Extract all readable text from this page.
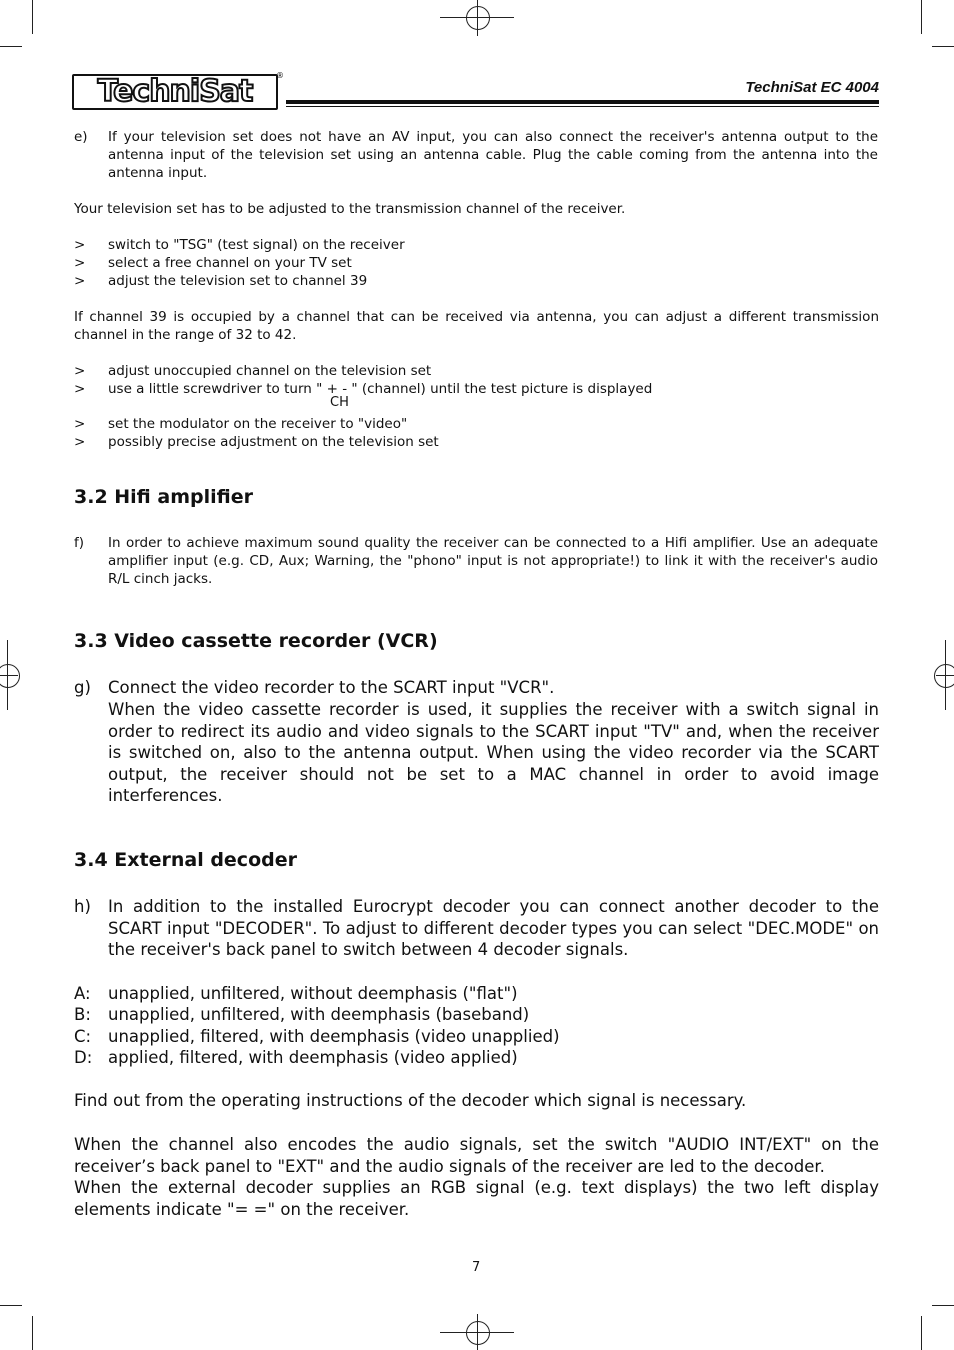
TechniSat	®
TechniSat EC 4004
e) If your television set does not have an AV input, you can also connect the receiver's antenna output to the antenna input of the television set using an antenna cable. Plug the cable coming from the antenna into the antenna input.
Your television set has to be adjusted to the transmission channel of the receiver.
> switch to "TSG" (test signal) on the receiver
> select a free channel on your TV set
> adjust the television set to channel 39
If channel 39 is occupied by a channel that can be received via antenna, you can adjust a different transmission channel in the range of 32 to 42.
> adjust unoccupied channel on the television set
> use a little screwdriver to turn " + - " (channel) until the test picture is displayed
CH
> set the modulator on the receiver to "video"
> possibly precise adjustment on the television set
3.2 Hifi amplifier
f) In order to achieve maximum sound quality the receiver can be connected to a Hifi amplifier. Use an adequate amplifier input (e.g. CD, Aux; Warning, the "phono" input is not appropriate!) to link it with the receiver's audio R/L cinch jacks.
3.3 Video cassette recorder (VCR)
g) Connect the video recorder to the SCART input "VCR".
When the video cassette recorder is used, it supplies the receiver with a switch signal in order to redirect its audio and video signals to the SCART input "TV" and, when the receiver is switched on, also to the antenna output. When using the video recorder via the SCART output, the receiver should not be set to a MAC channel in order to avoid image interferences.
3.4 External decoder
h) In addition to the installed Eurocrypt decoder you can connect another decoder to the SCART input "DECODER". To adjust to different decoder types you can select "DEC.MODE" on the receiver's back panel to switch between 4 decoder signals.
A: unapplied, unfiltered, without deemphasis ("flat")
B: unapplied, unfiltered, with deemphasis (baseband)
C: unapplied, filtered, with deemphasis (video unapplied)
D: applied, filtered, with deemphasis (video applied)
Find out from the operating instructions of the decoder which signal is necessary.
When the channel also encodes the audio signals, set the switch "AUDIO INT/EXT" on the receiver’s back panel to "EXT" and the audio signals of the receiver are led to the decoder.
When the external decoder supplies an RGB signal (e.g. text displays) the two left display elements indicate "= =" on the receiver.
7
